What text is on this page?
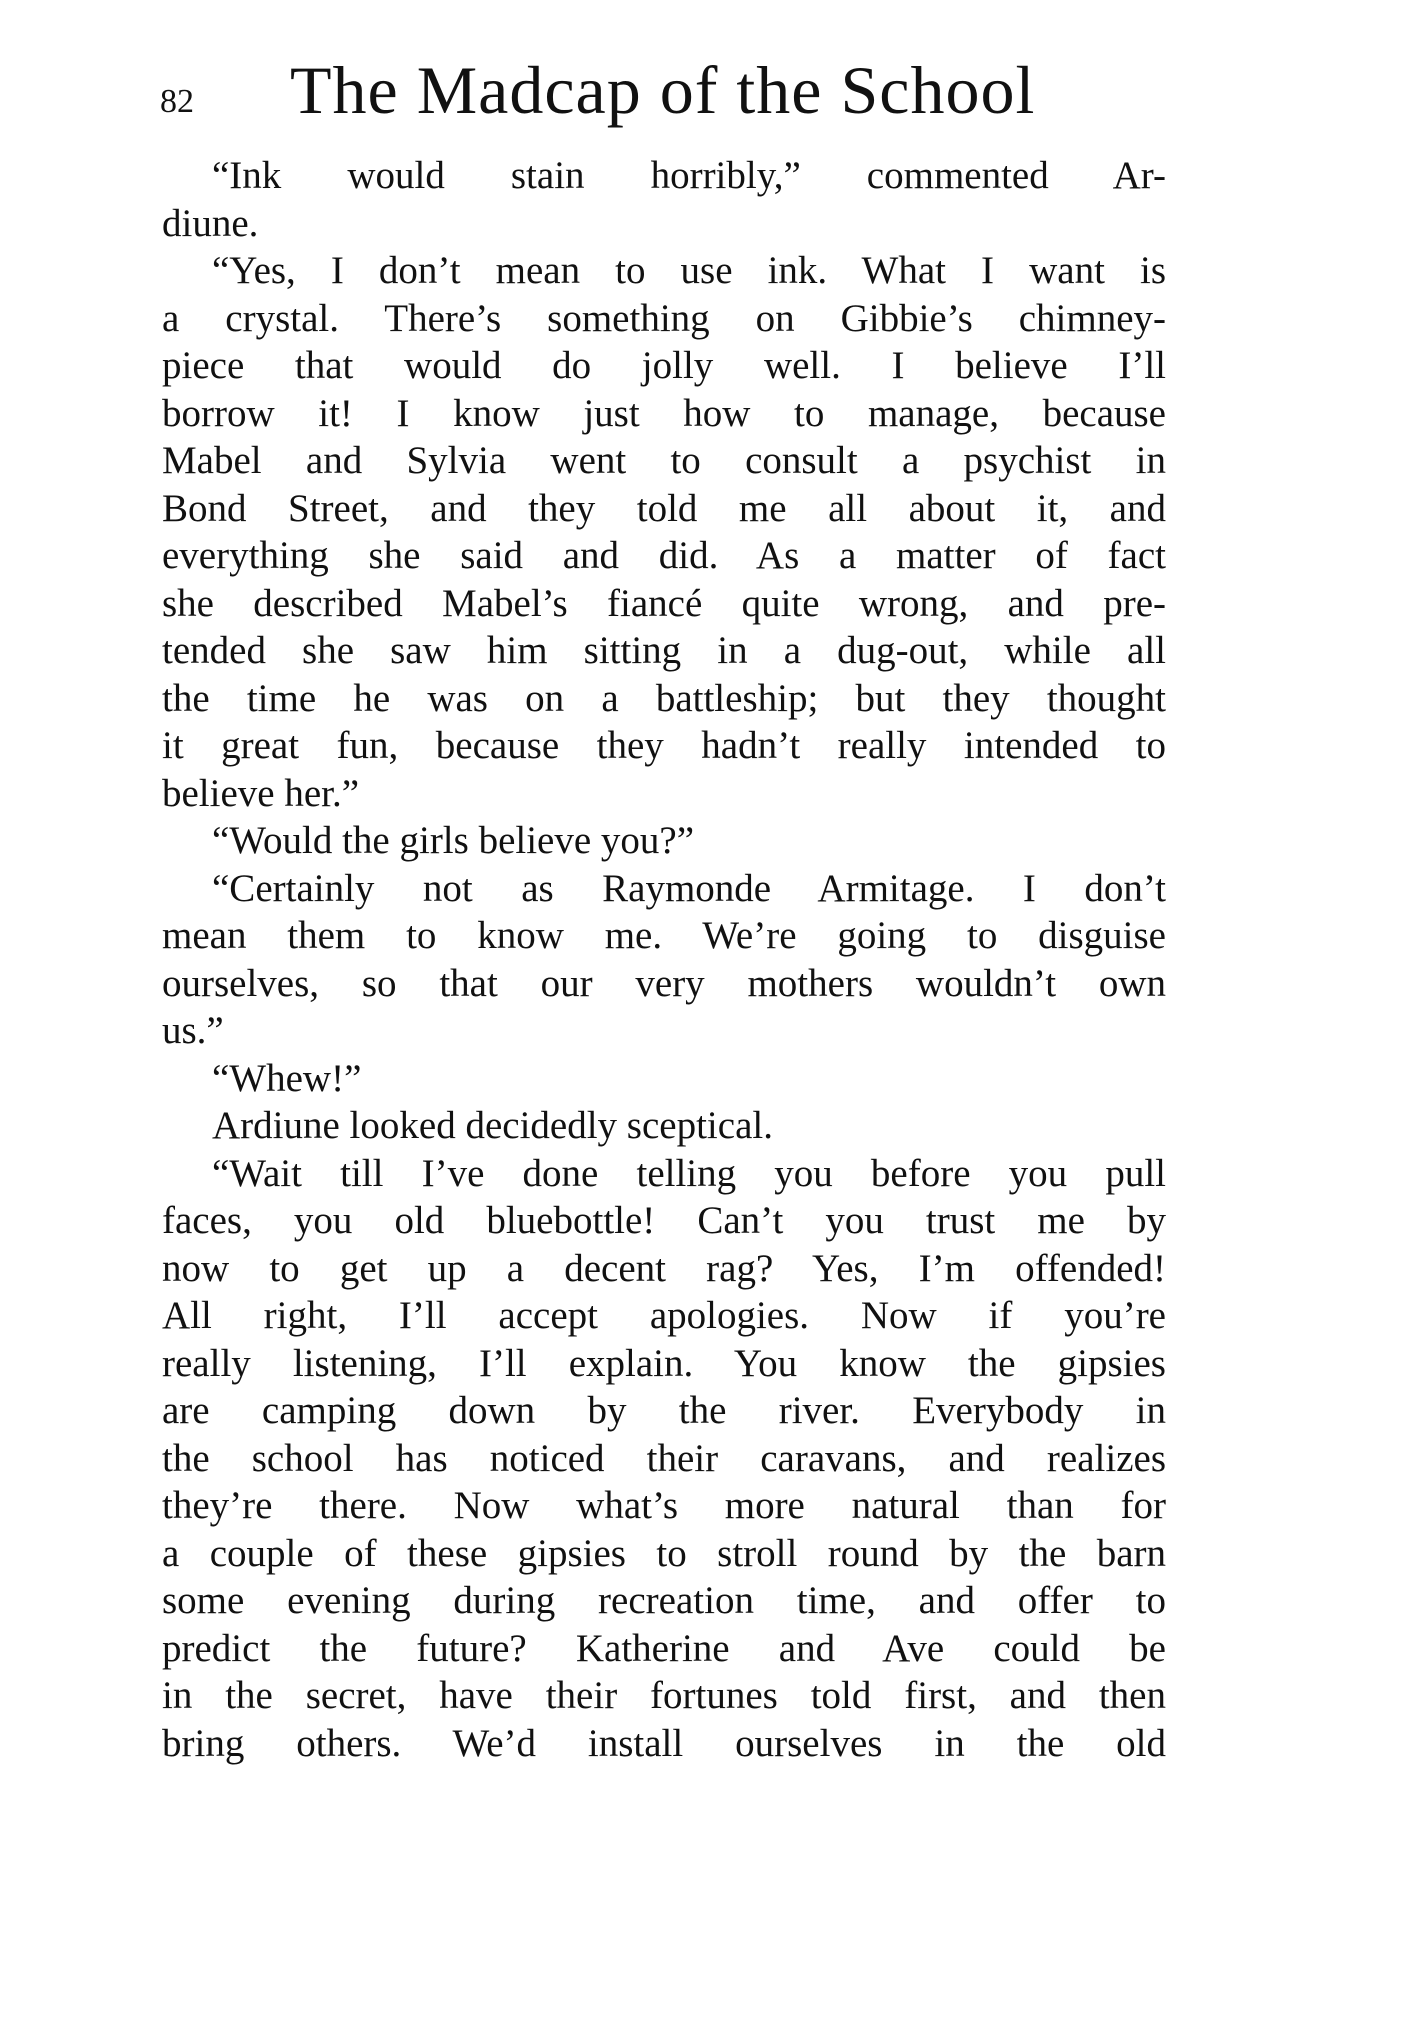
82 The Madcap of the School
“Ink would stain horribly,” commented Ar-
diune.
“Yes, I don’t mean to use ink. What I want is
a crystal. There’s something on Gibbie’s chimney-
piece that would do jolly well. I believe I’ll
borrow it! I know just how to manage, because
Mabel and Sylvia went to consult a psychist in
Bond Street, and they told me all about it, and
everything she said and did. As a matter of fact
she described Mabel’s fiancé quite wrong, and pre-
tended she saw him sitting in a dug-out, while all
the time he was on a battleship; but they thought
it great fun, because they hadn’t really intended to
believe her.”
“Would the girls believe you?”
“Certainly not as Raymonde Armitage. I don’t
mean them to know me. We’re going to disguise
ourselves, so that our very mothers wouldn’t own
us.”
“Whew!”
Ardiune looked decidedly sceptical.
“Wait till I’ve done telling you before you pull
faces, you old bluebottle! Can’t you trust me by
now to get up a decent rag? Yes, I’m offended!
All right, I’ll accept apologies. Now if you’re
really listening, I’ll explain. You know the gipsies
are camping down by the river. Everybody in
the school has noticed their caravans, and realizes
they’re there. Now what’s more natural than for
a couple of these gipsies to stroll round by the barn
some evening during recreation time, and offer to
predict the future? Katherine and Ave could be
in the secret, have their fortunes told first, and then
bring others. We’d install ourselves in the old
